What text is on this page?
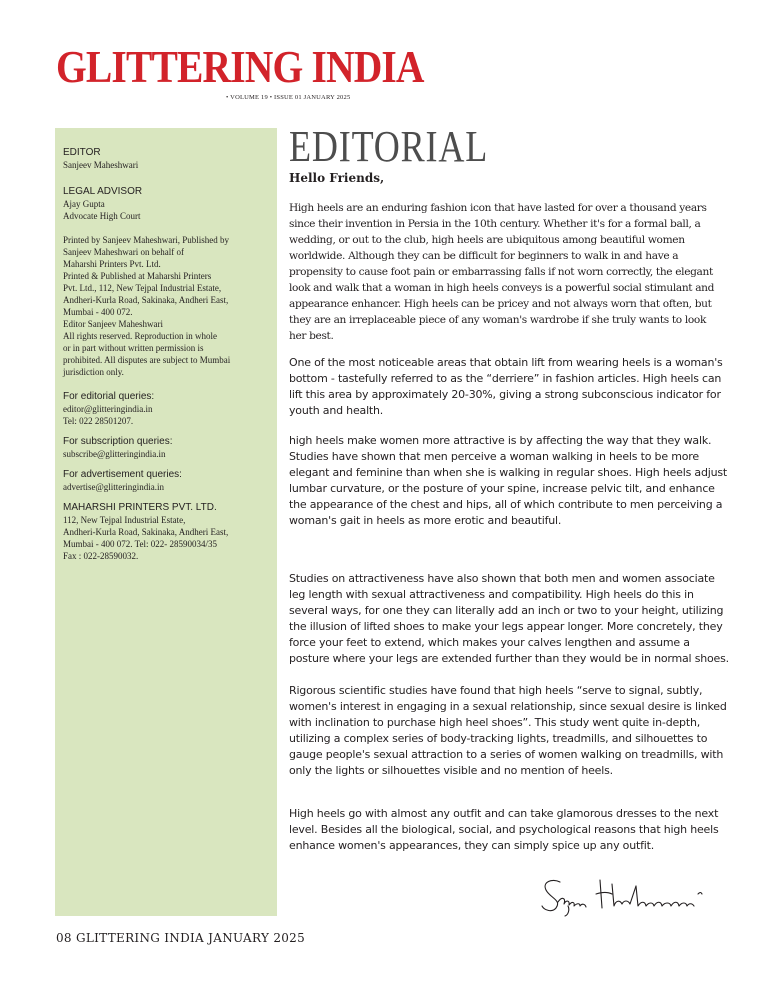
GLITTERING INDIA
• VOLUME 19 • ISSUE 01 JANUARY 2025
EDITOR
Sanjeev Maheshwari
LEGAL ADVISOR
Ajay Gupta
Advocate High Court
Printed by Sanjeev Maheshwari, Published by
Sanjeev Maheshwari on behalf of
Maharshi Printers Pvt. Ltd.
Printed & Published at Maharshi Printers
Pvt. Ltd., 112, New Tejpal Industrial Estate,
Andheri-Kurla Road, Sakinaka, Andheri East,
Mumbai - 400 072.
Editor Sanjeev Maheshwari
All rights reserved. Reproduction in whole
or in part without written permission is
prohibited. All disputes are subject to Mumbai
jurisdiction only.
For editorial queries:
editor@glitteringindia.in
Tel: 022 28501207.
For subscription queries:
subscribe@glitteringindia.in
For advertisement queries:
advertise@glitteringindia.in
MAHARSHI PRINTERS PVT. LTD.
112, New Tejpal Industrial Estate,
Andheri-Kurla Road, Sakinaka, Andheri East,
Mumbai - 400 072. Tel: 022- 28590034/35
Fax : 022-28590032.
EDITORIAL
Hello Friends,

High heels are an enduring fashion icon that have lasted for over a thousand years since their invention in Persia in the 10th century. Whether it's for a formal ball, a wedding, or out to the club, high heels are ubiquitous among beautiful women worldwide. Although they can be difficult for beginners to walk in and have a propensity to cause foot pain or embarrassing falls if not worn correctly, the elegant look and walk that a woman in high heels conveys is a powerful social stimulant and appearance enhancer. High heels can be pricey and not always worn that often, but they are an irreplaceable piece of any woman's wardrobe if she truly wants to look her best.

One of the most noticeable areas that obtain lift from wearing heels is a woman's bottom - tastefully referred to as the “derriere” in fashion articles. High heels can lift this area by approximately 20-30%, giving a strong subconscious indicator for youth and health.

high heels make women more attractive is by affecting the way that they walk. Studies have shown that men perceive a woman walking in heels to be more elegant and feminine than when she is walking in regular shoes. High heels adjust lumbar curvature, or the posture of your spine, increase pelvic tilt, and enhance the appearance of the chest and hips, all of which contribute to men perceiving a woman's gait in heels as more erotic and beautiful.

Studies on attractiveness have also shown that both men and women associate leg length with sexual attractiveness and compatibility. High heels do this in several ways, for one they can literally add an inch or two to your height, utilizing the illusion of lifted shoes to make your legs appear longer. More concretely, they force your feet to extend, which makes your calves lengthen and assume a posture where your legs are extended further than they would be in normal shoes.

Rigorous scientific studies have found that high heels “serve to signal, subtly, women's interest in engaging in a sexual relationship, since sexual desire is linked with inclination to purchase high heel shoes”. This study went quite in-depth, utilizing a complex series of body-tracking lights, treadmills, and silhouettes to gauge people's sexual attraction to a series of women walking on treadmills, with only the lights or silhouettes visible and no mention of heels.

High heels go with almost any outfit and can take glamorous dresses to the next level. Besides all the biological, social, and psychological reasons that high heels enhance women's appearances, they can simply spice up any outfit.

08 GLITTERING INDIA JANUARY 2025
